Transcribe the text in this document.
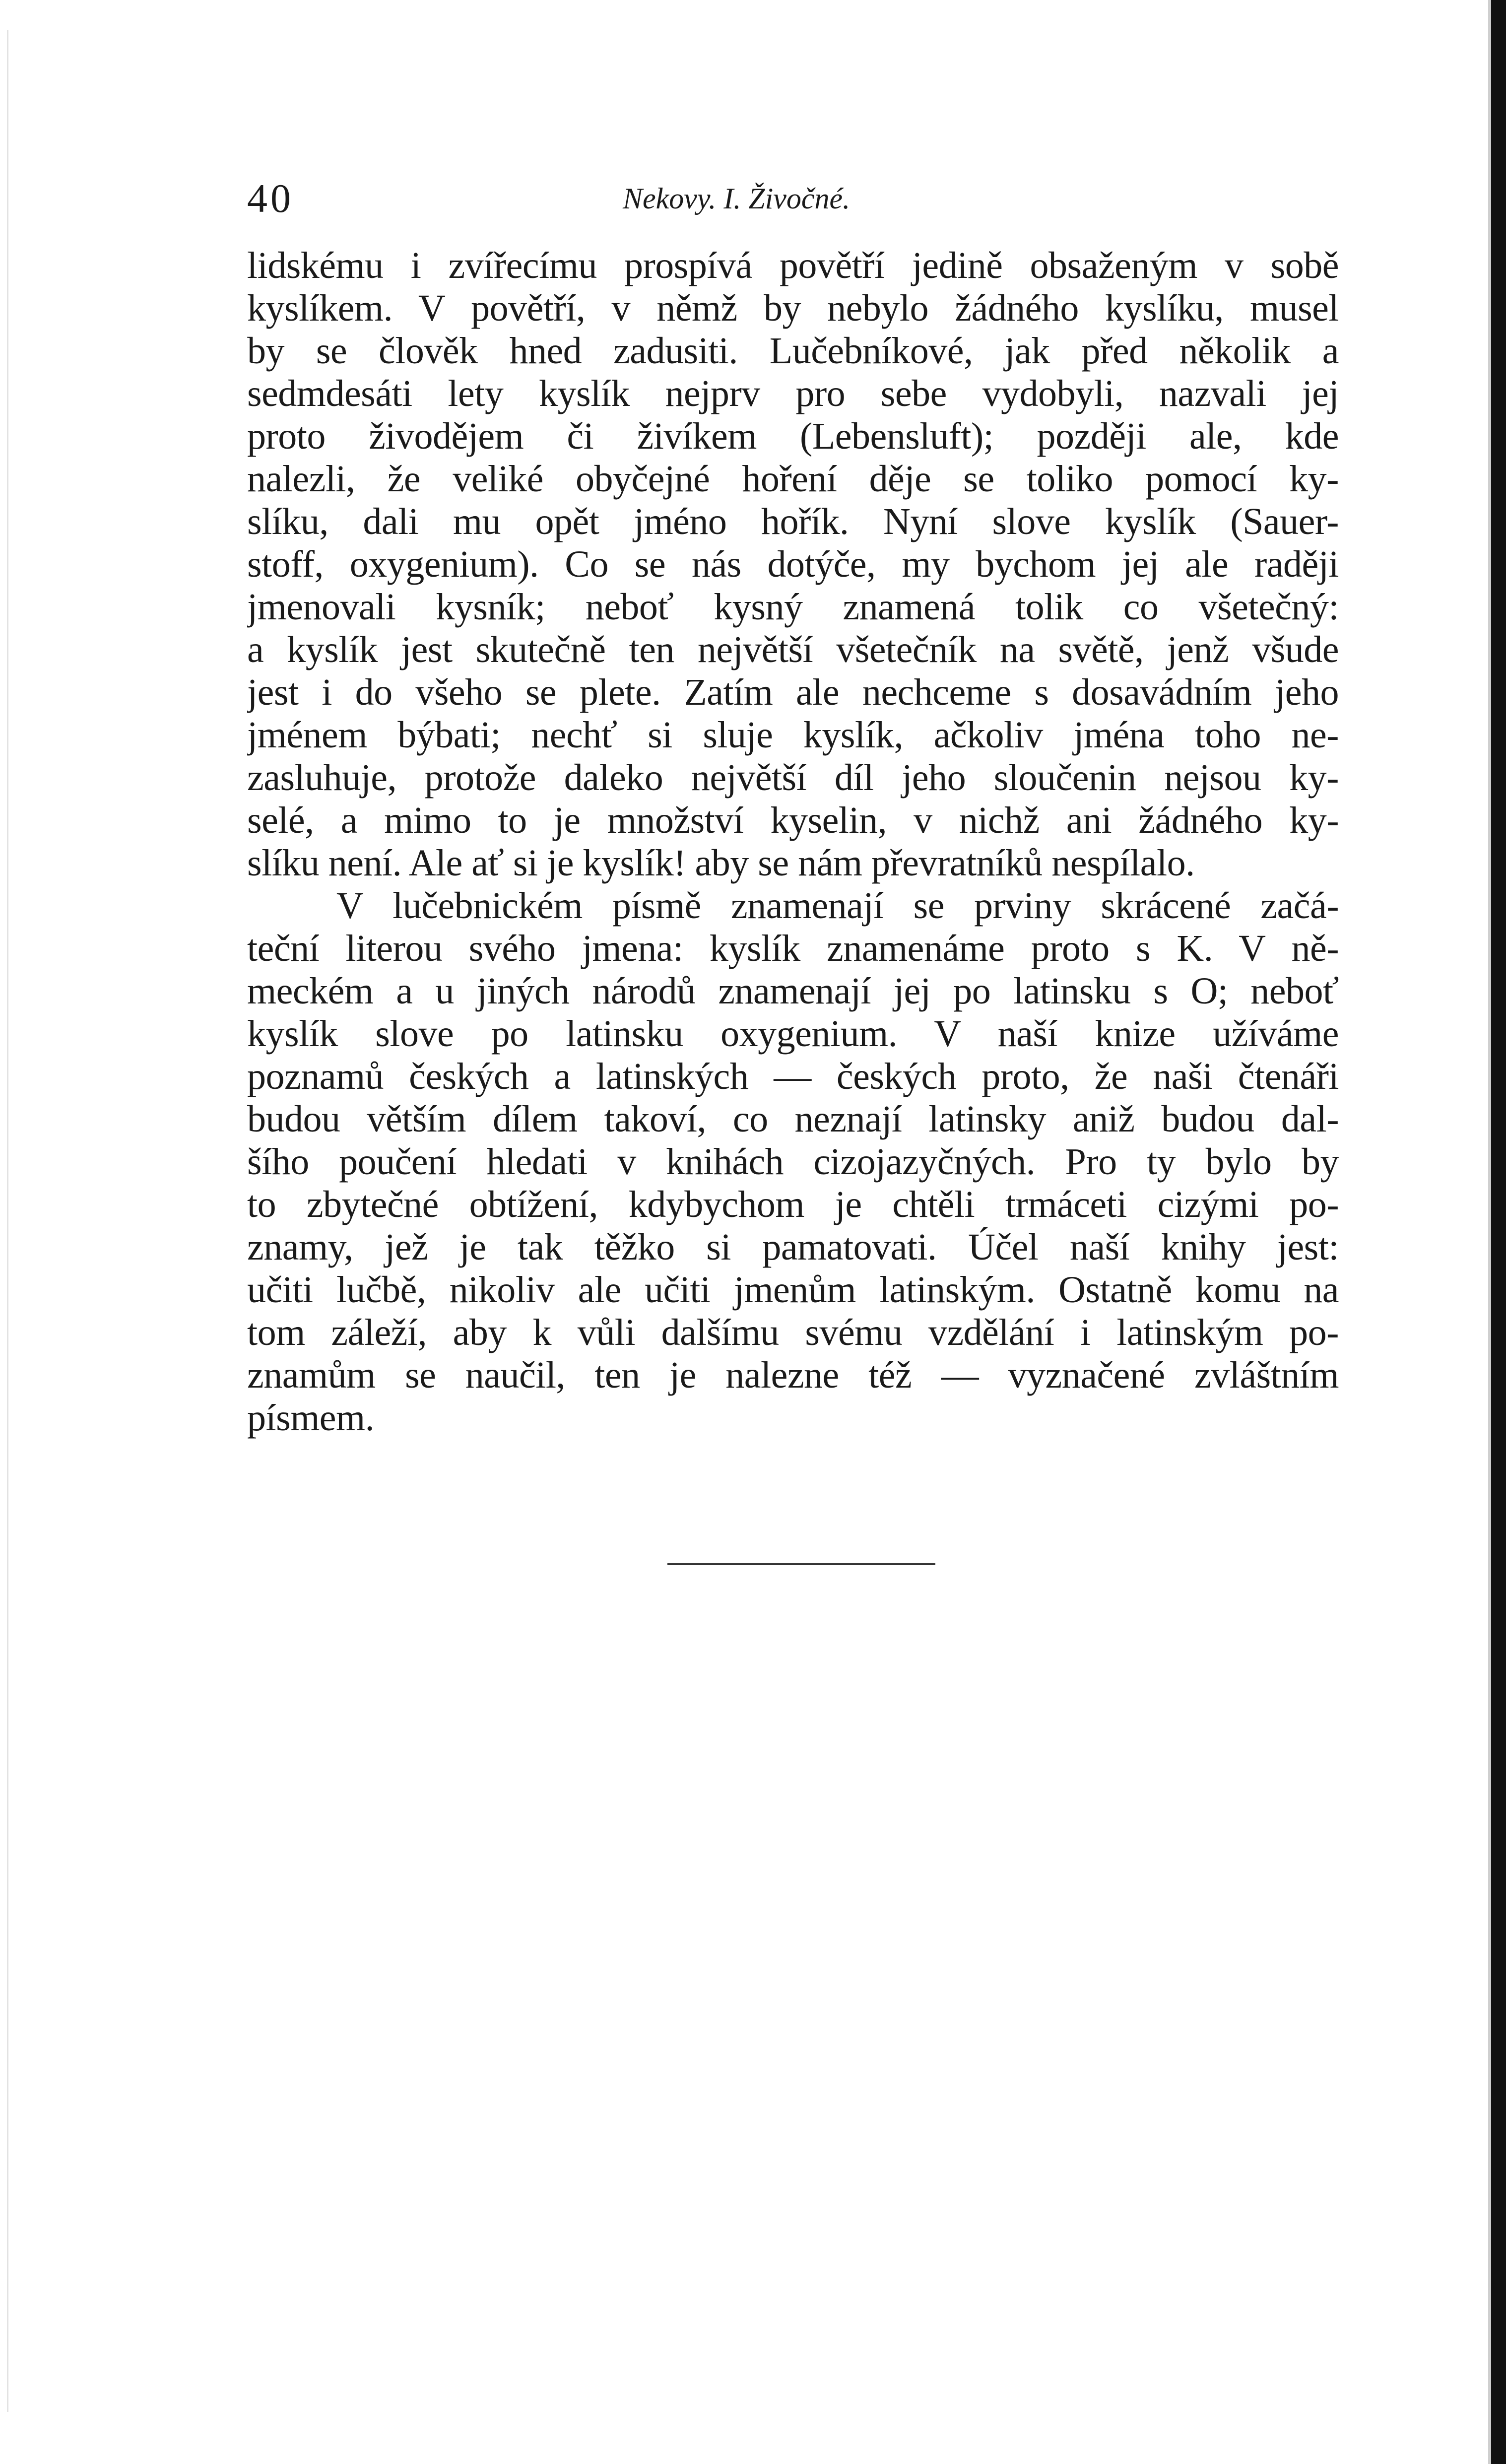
40	Nekovy. I. Živočné.
lidskému i zvířecímu prospívá povětří jedině obsaženým v sobě
kyslíkem. V povětří, v němž by nebylo žádného kyslíku, musel
by se člověk hned zadusiti. Lučebníkové, jak před několik a
sedmdesáti lety kyslík nejprv pro sebe vydobyli, nazvali jej
proto živodějem či živíkem (Lebensluft); později ale, kde
nalezli, že veliké obyčejné hoření děje se toliko pomocí ky-
slíku, dali mu opět jméno hořík. Nyní slove kyslík (Sauer-
stoff, oxygenium). Co se nás dotýče, my bychom jej ale raději
jmenovali kysník; neboť kysný znamená tolik co všetečný:
a kyslík jest skutečně ten největší všetečník na světě, jenž všude
jest i do všeho se plete. Zatím ale nechceme s dosavádním jeho
jménem býbati; nechť si sluje kyslík, ačkoliv jména toho ne-
zasluhuje, protože daleko největší díl jeho sloučenin nejsou ky-
selé, a mimo to je množství kyselin, v nichž ani žádného ky-
slíku není. Ale ať si je kyslík! aby se nám převratníků nespílalo.
V lučebnickém písmě znamenají se prviny skrácené začá-
teční literou svého jmena: kyslík znamenáme proto s K. V ně-
meckém a u jiných národů znamenají jej po latinsku s O; neboť
kyslík slove po latinsku oxygenium. V naší knize užíváme
poznamů českých a latinských — českých proto, že naši čtenáři
budou větším dílem takoví, co neznají latinsky aniž budou dal-
šího poučení hledati v knihách cizojazyčných. Pro ty bylo by
to zbytečné obtížení, kdybychom je chtěli trmáceti cizými po-
znamy, jež je tak těžko si pamatovati. Účel naší knihy jest:
učiti lučbě, nikoliv ale učiti jmenům latinským. Ostatně komu na
tom záleží, aby k vůli dalšímu svému vzdělání i latinským po-
znamům se naučil, ten je nalezne též — vyznačené zvláštním
písmem.
